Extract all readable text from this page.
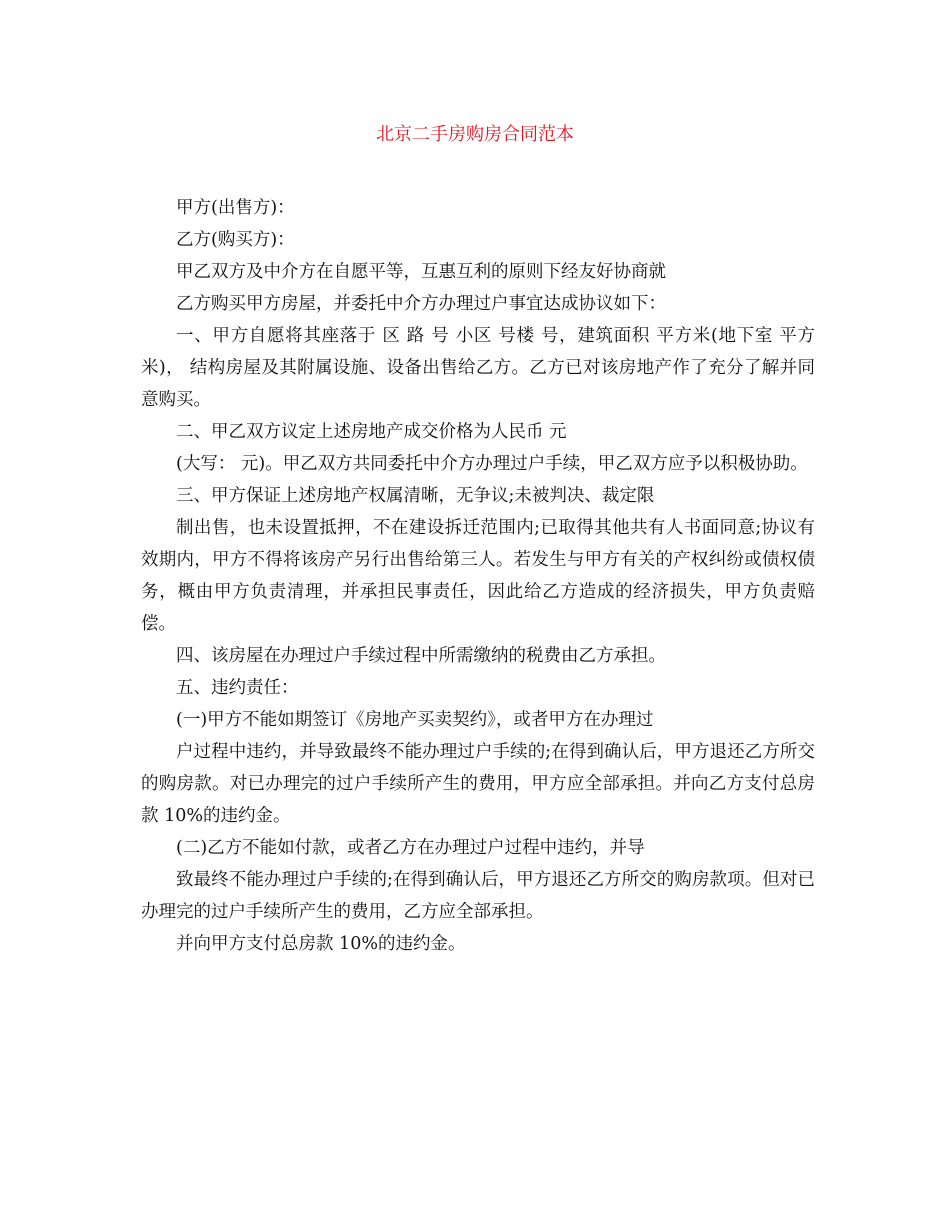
北京二手房购房合同范本

甲方(出售方)：

乙方(购买方)：

甲乙双方及中介方在自愿平等，互惠互利的原则下经友好协商就

乙方购买甲方房屋，并委托中介方办理过户事宜达成协议如下：

一、甲方自愿将其座落于 区 路 号 小区 号楼 号，建筑面积 平方米(地下室 平方米)， 结构房屋及其附属设施、设备出售给乙方。乙方已对该房地产作了充分了解并同意购买。

二、甲乙双方议定上述房地产成交价格为人民币 元

(大写： 元)。甲乙双方共同委托中介方办理过户手续，甲乙双方应予以积极协助。

三、甲方保证上述房地产权属清晰，无争议;未被判决、裁定限

制出售，也未设置抵押，不在建设拆迁范围内;已取得其他共有人书面同意;协议有效期内，甲方不得将该房产另行出售给第三人。若发生与甲方有关的产权纠纷或债权债务，概由甲方负责清理，并承担民事责任，因此给乙方造成的经济损失，甲方负责赔偿。

四、该房屋在办理过户手续过程中所需缴纳的税费由乙方承担。

五、违约责任：

(一)甲方不能如期签订《房地产买卖契约》，或者甲方在办理过

户过程中违约，并导致最终不能办理过户手续的;在得到确认后，甲方退还乙方所交的购房款。对已办理完的过户手续所产生的费用，甲方应全部承担。并向乙方支付总房款 10%的违约金。

(二)乙方不能如付款，或者乙方在办理过户过程中违约，并导

致最终不能办理过户手续的;在得到确认后，甲方退还乙方所交的购房款项。但对已办理完的过户手续所产生的费用，乙方应全部承担。

并向甲方支付总房款 10%的违约金。
